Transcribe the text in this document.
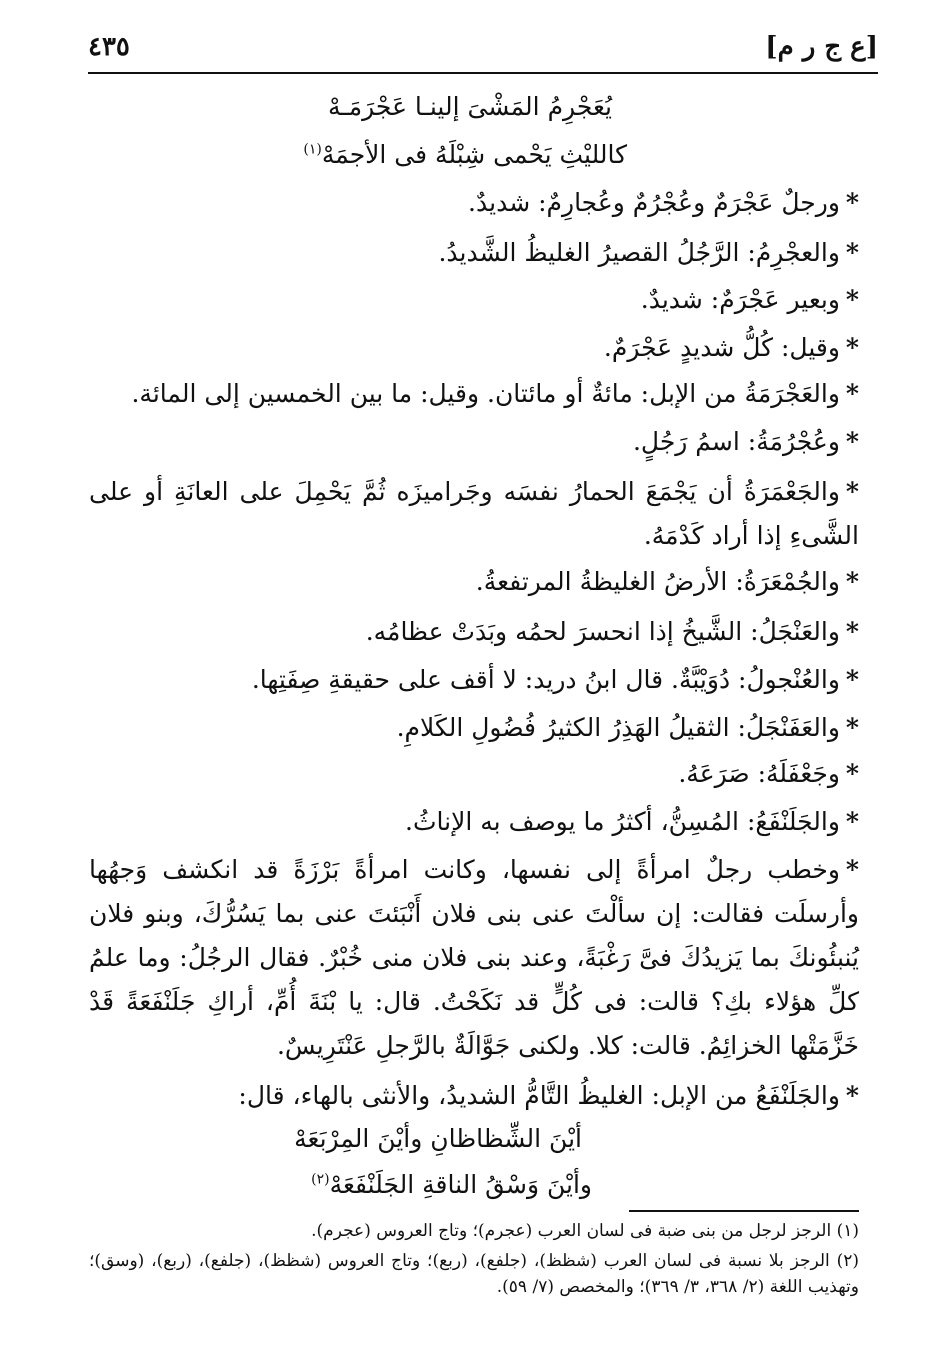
[ع ج ر م]
٤٣٥
يُعَجْرِمُ المَشْىَ إلينـا عَجْرَمَـهْ
كالليْثِ يَحْمى شِبْلَهُ فى الأجمَهْ$^{(١)}$
*ورجلٌ عَجْرَمٌ وعُجْرُمٌ وعُجارِمٌ: شديدٌ.
*والعجْرِمُ: الرَّجُلُ القصيرُ الغليظُ الشَّديدُ.
*وبعير عَجْرَمٌ: شديدٌ.
*وقيل: كُلُّ شديدٍ عَجْرَمٌ.
*والعَجْرَمَةُ من الإبل: مائةٌ أو مائتان. وقيل: ما بين الخمسين إلى المائة.
*وعُجْرُمَةُ: اسمُ رَجُلٍ.
*والجَعْمَرَةُ أن يَجْمَعَ الحمارُ نفسَه وجَراميزَه ثُمَّ يَحْمِلَ على العانَةِ أو على الشَّىءِ إذا أراد كَدْمَهُ.
*والجُمْعَرَةُ: الأرضُ الغليظةُ المرتفعةُ.
*والعَنْجَلُ: الشَّيخُ إذا انحسرَ لحمُه وبَدَتْ عظامُه.
*والعُنْجولُ: دُوَيْبَّةٌ. قال ابنُ دريد: لا أقف على حقيقةِ صِفَتِها.
*والعَفَنْجَلُ: الثقيلُ الهَذِرُ الكثيرُ فُضُولِ الكَلامِ.
*وجَعْفَلَهُ: صَرَعَهُ.
*والجَلَنْفَعُ: المُسِنُّ، أكثرُ ما يوصف به الإناثُ.
*وخطب رجلٌ امرأةً إلى نفسها، وكانت امرأةً بَرْزَةً قد انكشف وَجهُها وأرسلَت فقالت: إن سألْتَ عنى بنى فلان أَنْبَئتَ عنى بما يَسُرُّكَ، وبنو فلان يُنبئُونكَ بما يَزيدُكَ فىَّ رَغْبَةً، وعند بنى فلان منى خُبْرٌ. فقال الرجُلُ: وما علمُ كلِّ هؤلاء بكِ؟ قالت: فى كُلٍّ قد نَكَحْتُ. قال: يا بْنَةَ أُمِّ، أراكِ جَلَنْفَعَةً قَدْ خَزَّمَتْها الخزائِمُ. قالت: كلا. ولكنى جَوَّالَةٌ بالرَّجلِ عَنْتَرِيسٌ.
*والجَلَنْفَعُ من الإبل: الغليظُ التَّامُّ الشديدُ، والأنثى بالهاء، قال:
أيْنَ الشِّظاظانِ وأيْنَ المِرْبَعَهْ
وأيْنَ وَسْقُ الناقةِ الجَلَنْفَعَهْ$^{(٢)}$
(١) الرجز لرجل من بنى ضبة فى لسان العرب (عجرم)؛ وتاج العروس (عجرم).
(٢) الرجز بلا نسبة فى لسان العرب (شظظ)، (جلفع)، (ربع)؛ وتاج العروس (شظظ)، (جلفع)، (ربع)، (وسق)؛ وتهذيب اللغة (٢/ ٣٦٨، ٣/ ٣٦٩)؛ والمخصص (٧/ ٥٩).
